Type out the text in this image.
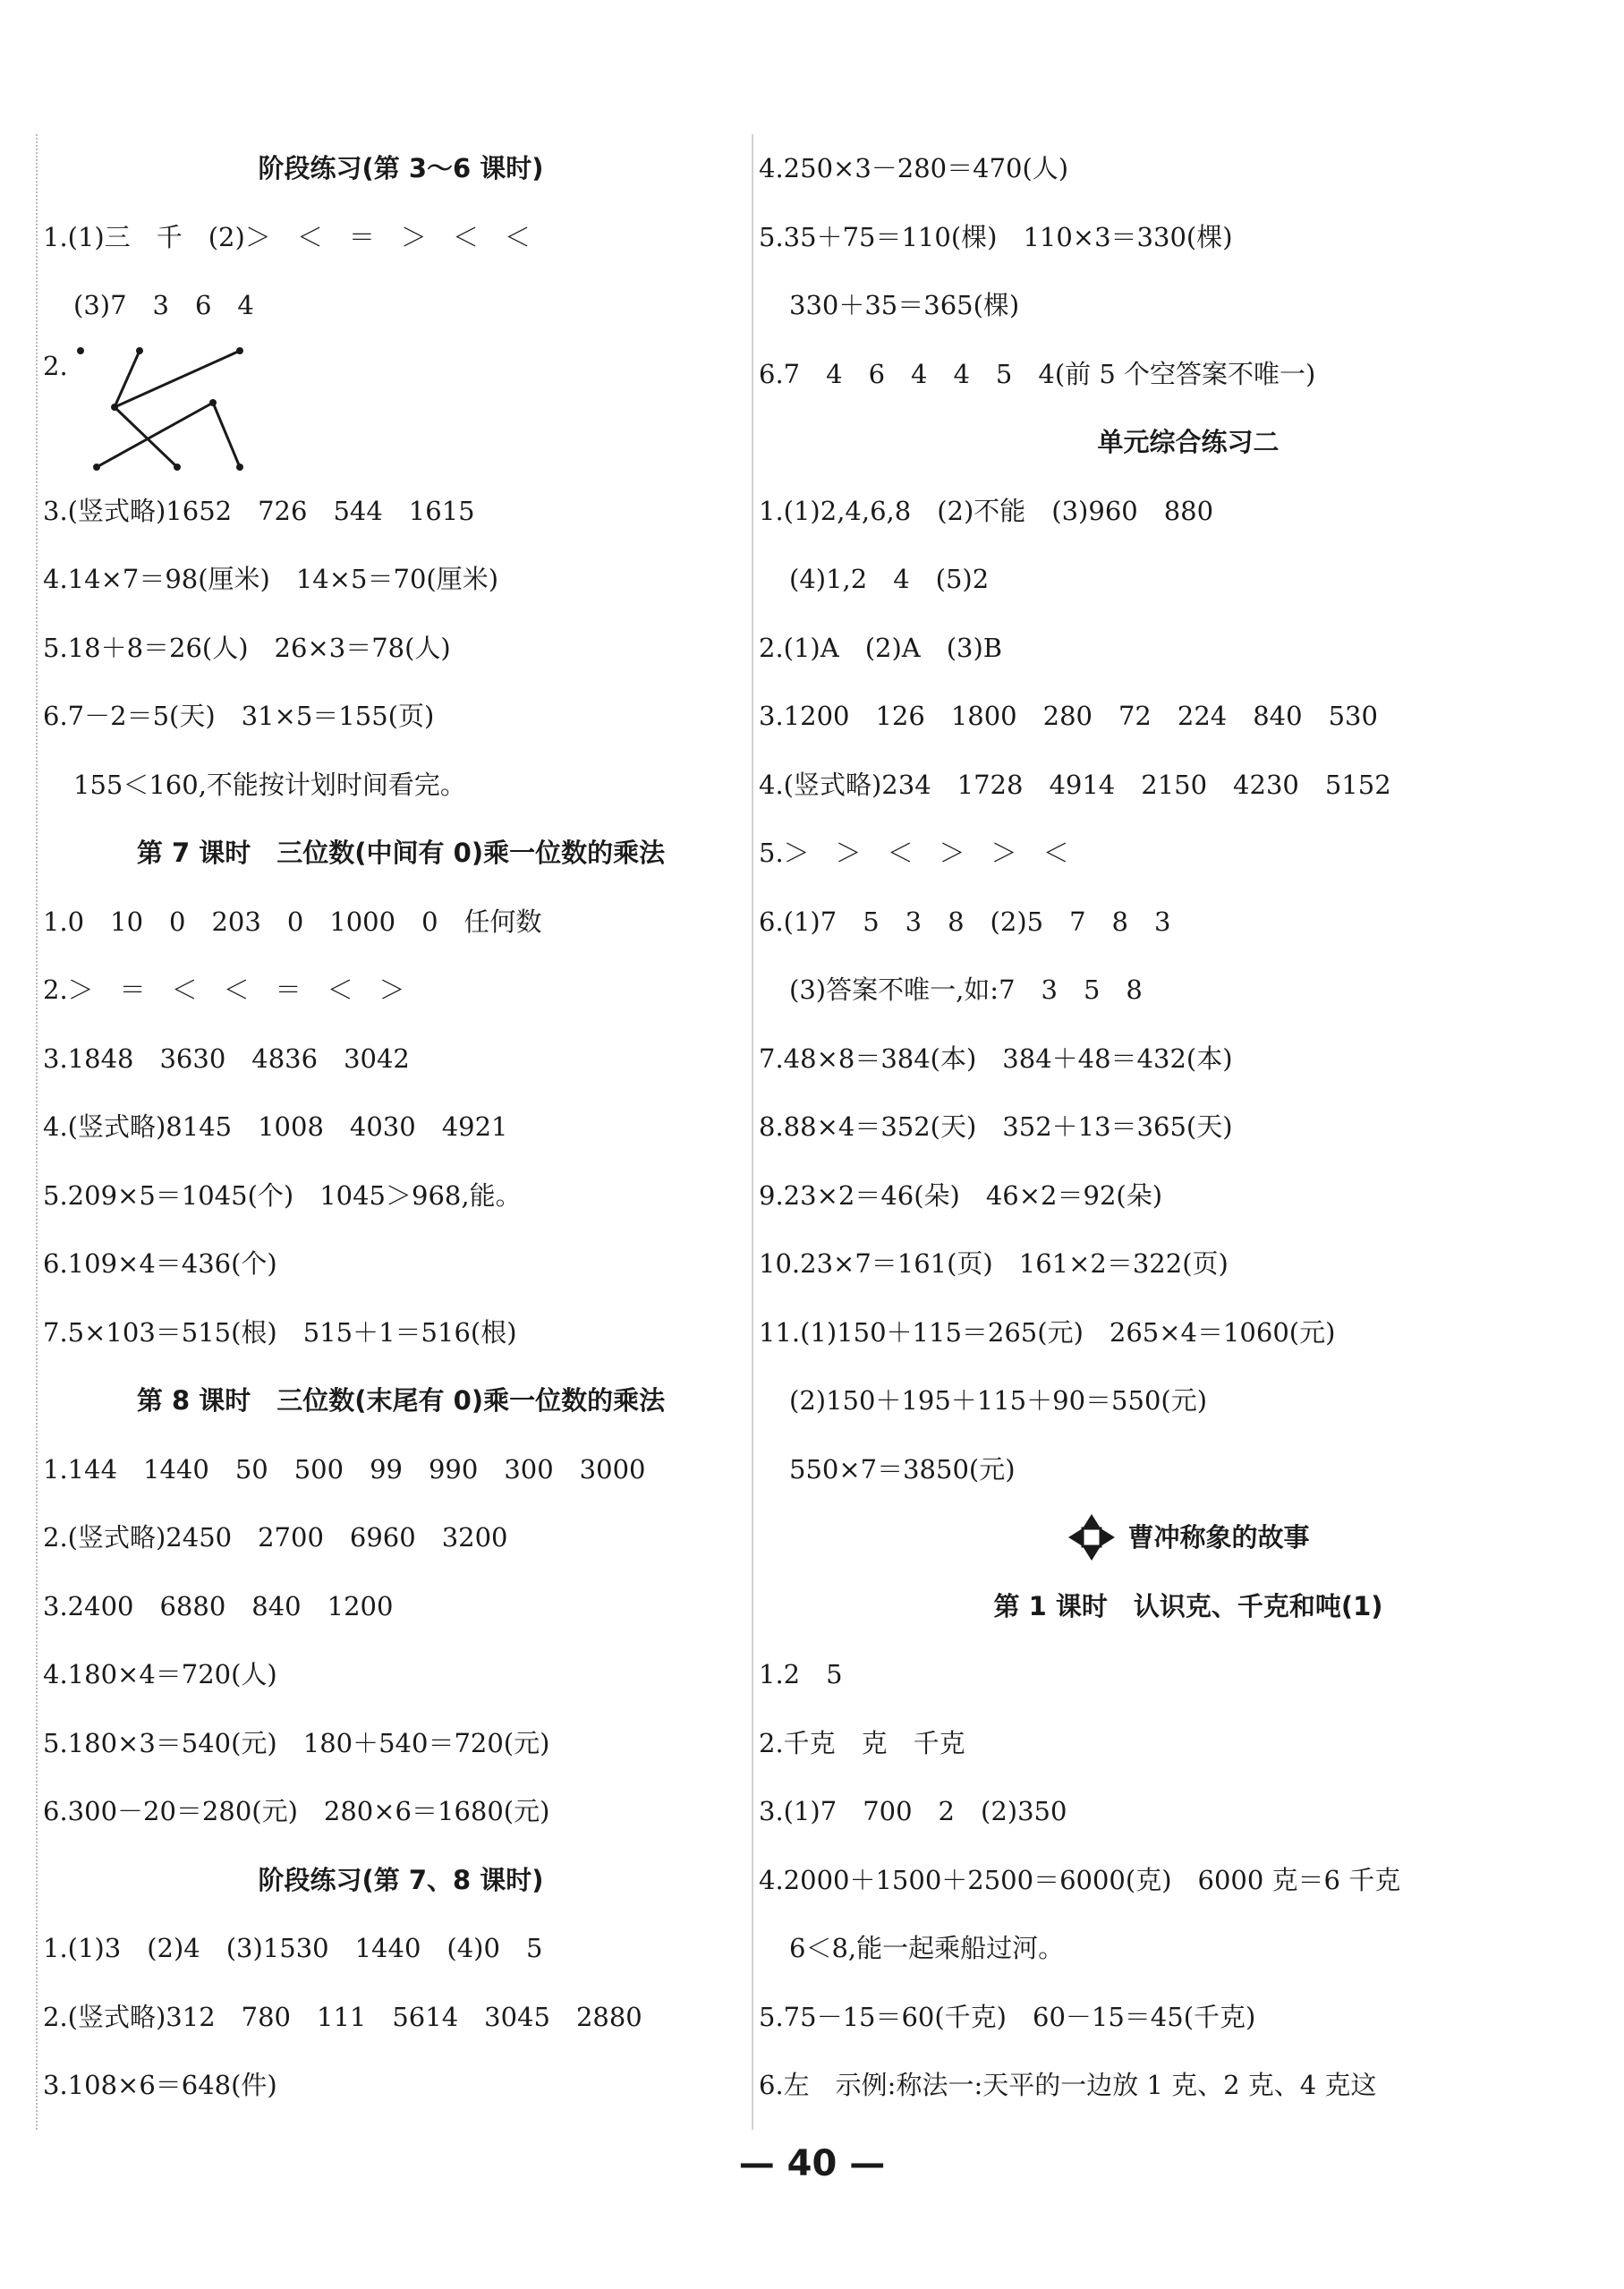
阶段练习(第 3～6 课时)
1.(1)三　千　(2)＞　＜　＝　＞　＜　＜
(3)7　3　6　4
2.
3.(竖式略)1652　726　544　1615
4.14×7＝98(厘米)　14×5＝70(厘米)
5.18＋8＝26(人)　26×3＝78(人)
6.7－2＝5(天)　31×5＝155(页)
155＜160,不能按计划时间看完。
第 7 课时　三位数(中间有 0)乘一位数的乘法
1.0　10　0　203　0　1000　0　任何数
2.＞　＝　＜　＜　＝　＜　＞
3.1848　3630　4836　3042
4.(竖式略)8145　1008　4030　4921
5.209×5＝1045(个)　1045＞968,能。
6.109×4＝436(个)
7.5×103＝515(根)　515＋1＝516(根)
第 8 课时　三位数(末尾有 0)乘一位数的乘法
1.144　1440　50　500　99　990　300　3000
2.(竖式略)2450　2700　6960　3200
3.2400　6880　840　1200
4.180×4＝720(人)
5.180×3＝540(元)　180＋540＝720(元)
6.300－20＝280(元)　280×6＝1680(元)
阶段练习(第 7、8 课时)
1.(1)3　(2)4　(3)1530　1440　(4)0　5
2.(竖式略)312　780　111　5614　3045　2880
3.108×6＝648(件)
4.250×3－280＝470(人)
5.35＋75＝110(棵)　110×3＝330(棵)
330＋35＝365(棵)
6.7　4　6　4　4　5　4(前 5 个空答案不唯一)
单元综合练习二
1.(1)2,4,6,8　(2)不能　(3)960　880
(4)1,2　4　(5)2
2.(1)A　(2)A　(3)B
3.1200　126　1800　280　72　224　840　530
4.(竖式略)234　1728　4914　2150　4230　5152
5.＞　＞　＜　＞　＞　＜
6.(1)7　5　3　8　(2)5　7　8　3
(3)答案不唯一,如:7　3　5　8
7.48×8＝384(本)　384＋48＝432(本)
8.88×4＝352(天)　352＋13＝365(天)
9.23×2＝46(朵)　46×2＝92(朵)
10.23×7＝161(页)　161×2＝322(页)
11.(1)150＋115＝265(元)　265×4＝1060(元)
(2)150＋195＋115＋90＝550(元)
550×7＝3850(元)
曹冲称象的故事
第 1 课时　认识克、千克和吨(1)
1.2　5
2.千克　克　千克
3.(1)7　700　2　(2)350
4.2000＋1500＋2500＝6000(克)　6000 克＝6 千克
6＜8,能一起乘船过河。
5.75－15＝60(千克)　60－15＝45(千克)
6.左　示例:称法一:天平的一边放 1 克、2 克、4 克这
— 40 —
